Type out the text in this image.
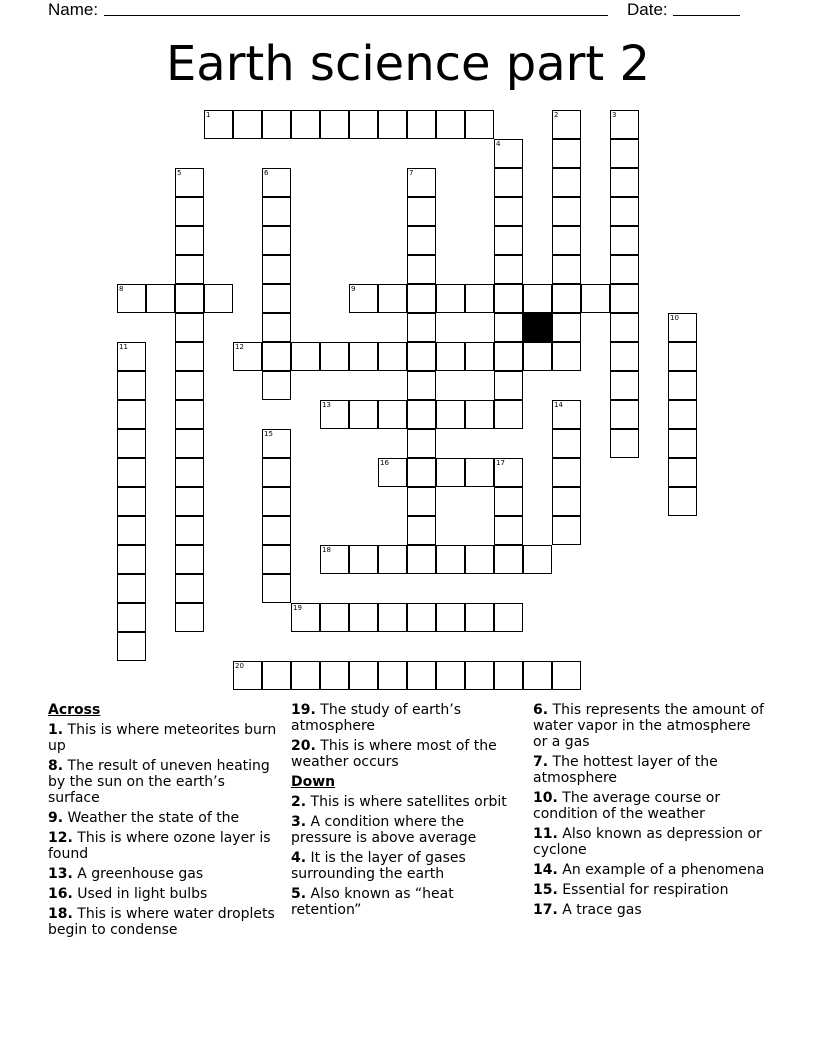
Name:	Date:
Earth science part 2
1	2	3
4
5	6	7
8	9
10
11	12
13	14
15
16	17
18
19
20
Across
1. This is where meteorites burn up
8. The result of uneven heating by the sun on the earth’s surface
9. Weather the state of the
12. This is where ozone layer is found
13. A greenhouse gas
16. Used in light bulbs
18. This is where water droplets begin to condense
19. The study of earth’s atmosphere
20. This is where most of the weather occurs
Down
2. This is where satellites orbit
3. A condition where the pressure is above average
4. It is the layer of gases surrounding the earth
5. Also known as “heat retention”
6. This represents the amount of water vapor in the atmosphere or a gas
7. The hottest layer of the atmosphere
10. The average course or condition of the weather
11. Also known as depression or cyclone
14. An example of a phenomena
15. Essential for respiration
17. A trace gas
